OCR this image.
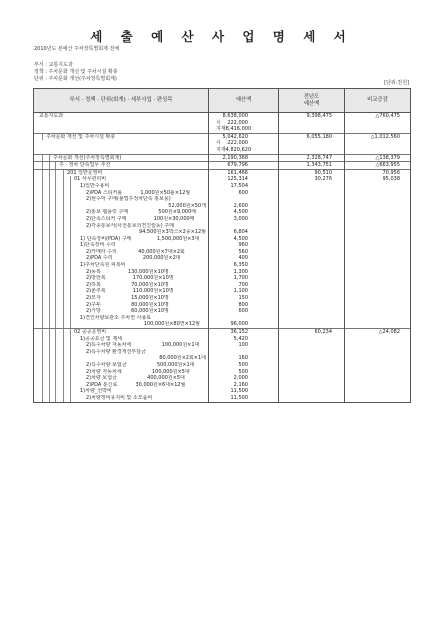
세 출 예 산 사 업 명 세 서
2010년도 본예산 주차장특별회계 전체
부서 : 교통지도과
정책 : 주차문화 개선 및 주차시설 확충
단위 : 주차문화 개선(주차장특별회계)
[단위:천원]
부서 · 정책 · 단위(회계) · 세부사업 · 편성목	예산액	전년도
예산액	비교증감

교통지도과	8,638,000
시 222,000
지재 8,416,000	9,398,475	△760,475

주차문화 개선 및 주차시설 확충	5,042,620
시 222,000
지재 4,820,620	6,055,180	△1,012,560

주차문화 개선(주차장특별회계)	2,190,368	2,328,747	△138,379

주 · 정차 단속업무 추진	679,796	1,343,751	△663,955

201 일반운영비	161,466	90,510	70,956

01 사무관리비	125,314	30,276	95,038

1)일반수용비	17,504		

2)PDA 스티커롤 1,000원×50롤×12월	600		

2)현수막 구매(불법주정차단속 홍보용)			

52,000원×50개	2,600		

2)홍보 팸플릿 구매 500원×9,000매	4,500		

2)단속스티커 구매 100원×30,000매	3,000		

2)각종통보서(사전통보의견진술등) 구매			

94,500원×3박스×2종×12월	6,804		

1) 단속장비(PDA) 구매 1,500,000원×3대	4,500		

1)단속장비 수리	960		

2)카메라 수리 40,000원×7대×2회	560		

2)PDA 수리 200,000원×2대	400		

1)주차단속원 피복비	6,350		

2)동복 130,000원×10명	1,300		

2)방한복 170,000원×10명	1,700		

2)하복 70,000원×10명	700		

2)춘추복 110,000원×10명	1,100		

2)모자 15,000원×10명	150		

2)구두 80,000원×10명	800		

2)가방 60,000원×10명	600		

1)견인차량보관소 주차면 사용료			

100,000원×80면×12월	96,000		

02 공공운영비	36,152	60,234	△24,082

1)공공요금 및 제세	5,420		

2)특수차량 자동차세 100,000원×1대	100		

2)특수차량 환경개선부담금			

80,000원×2회×1대	160		

2)특수차량 보험금 500,000원×1대	500		

2)차량 자동차세 100,000원×5대	500		

2)차량 보험금 400,000원×5대	2,000		

2)PDA 통신료 30,000원×6대×12월	2,160		

1)차량_선박비	11,500		

2)차량정비유지비 및 소모품비	11,500		
